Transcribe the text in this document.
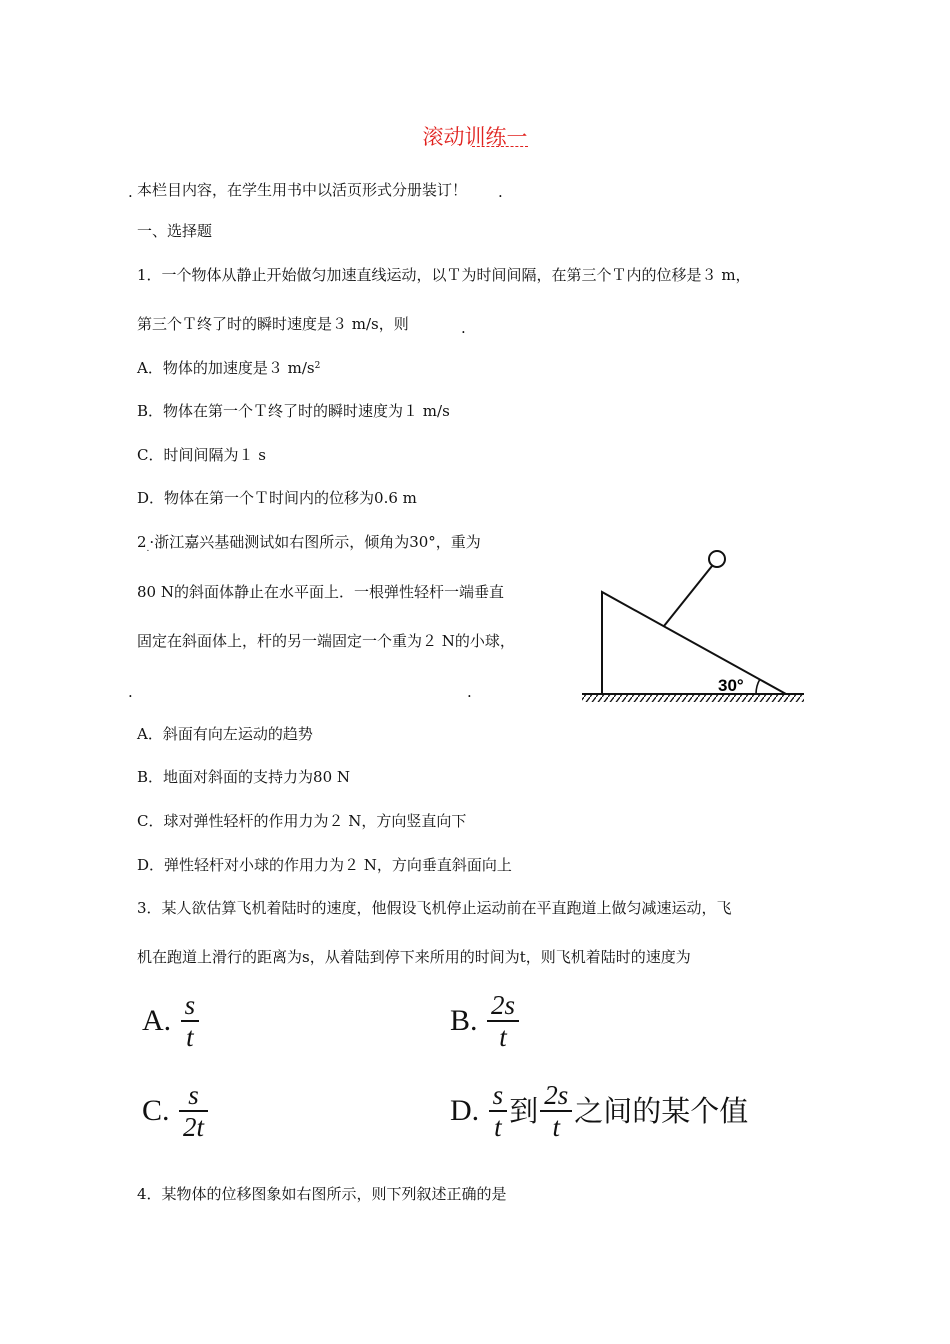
滚动训练一
. 本栏目内容，在学生用书中以活页形式分册装订！ .
一、选择题
1．一个物体从静止开始做匀加速直线运动，以Ｔ为时间间隔，在第三个Ｔ内的位移是３ m，
第三个Ｔ终了时的瞬时速度是３ m/s，则	.
A．物体的加速度是３ $m/s^2$
B．物体在第一个Ｔ终了时的瞬时速度为１ m/s
C．时间间隔为１ s
D．物体在第一个Ｔ时间内的位移为0.6 m
$2_.\cdot$浙江嘉兴基础测试如右图所示，倾角为30°，重为
80 N的斜面体静止在水平面上．一根弹性轻杆一端垂直
固定在斜面体上，杆的另一端固定一个重为２ N的小球，
.	.	30°
A．斜面有向左运动的趋势
B．地面对斜面的支持力为80 N
C．球对弹性轻杆的作用力为２ N，方向竖直向下
D．弹性轻杆对小球的作用力为２ N，方向垂直斜面向上
3．某人欲估算飞机着陆时的速度，他假设飞机停止运动前在平直跑道上做匀减速运动，飞
机在跑道上滑行的距离为s，从着陆到停下来所用的时间为t，则飞机着陆时的速度为
A. $\frac{s}{t}$	B. $\frac{2s}{t}$
C. $\frac{s}{2t}$	D. $\frac{s}{t}$ 到 $\frac{2s}{t}$ 之间的某个值
4．某物体的位移图象如右图所示，则下列叙述正确的是
